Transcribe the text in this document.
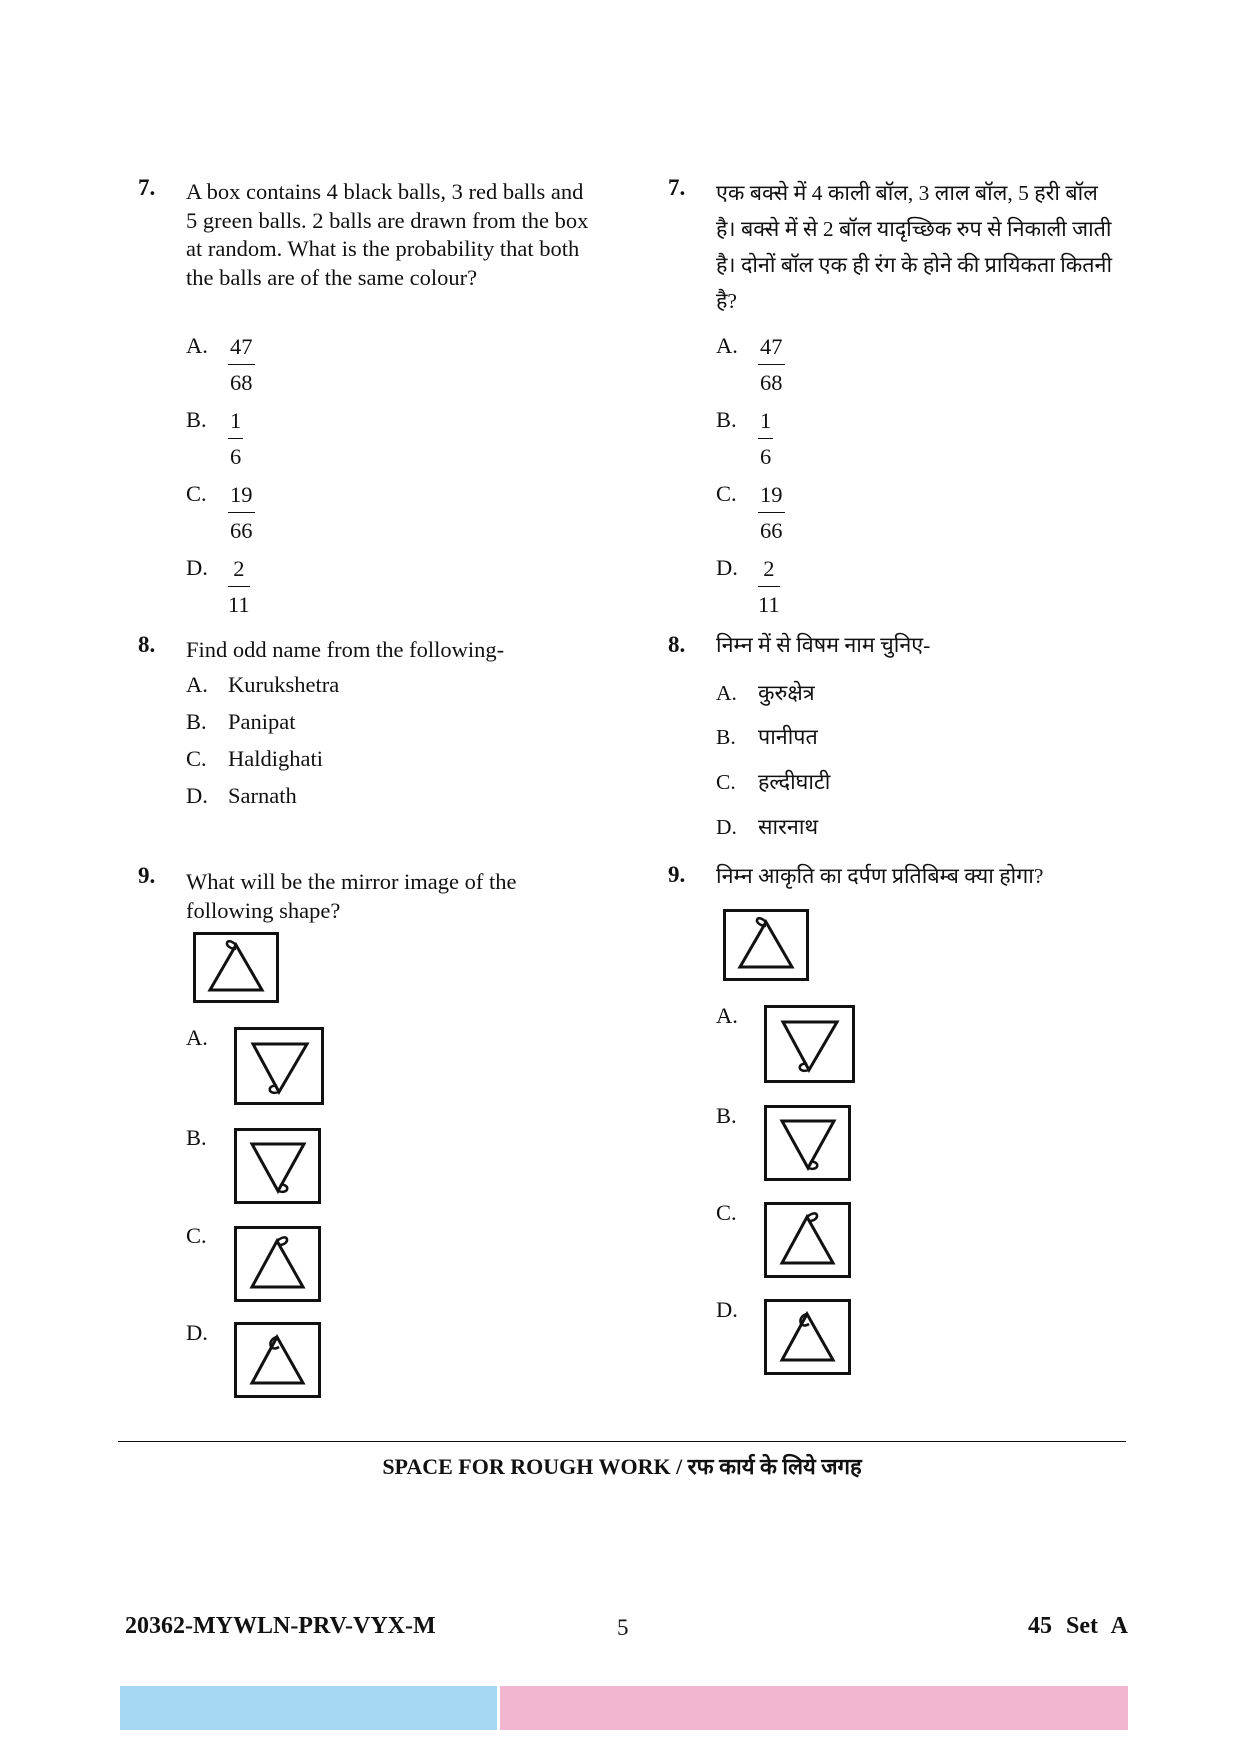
7. A box contains 4 black balls, 3 red balls and 5 green balls. 2 balls are drawn from the box at random. What is the probability that both the balls are of the same colour?
A. $\frac{47}{68}$
B. $\frac{1}{6}$
C. $\frac{19}{66}$
D. $\frac{2}{11}$
8. Find odd name from the following-
A. Kurukshetra
B. Panipat
C. Haldighati
D. Sarnath
9. What will be the mirror image of the following shape?
A.
B.
C.
D.
7. एक बक्से में 4 काली बॉल, 3 लाल बॉल, 5 हरी बॉल है। बक्से में से 2 बॉल यादृच्छिक रुप से निकाली जाती है। दोनों बॉल एक ही रंग के होने की प्रायिकता कितनी है?
A. $\frac{47}{68}$
B. $\frac{1}{6}$
C. $\frac{19}{66}$
D. $\frac{2}{11}$
8. निम्न में से विषम नाम चुनिए-
A. कुरुक्षेत्र
B. पानीपत
C. हल्दीघाटी
D. सारनाथ
9. निम्न आकृति का दर्पण प्रतिबिम्ब क्या होगा?
A.
B.
C.
D.
SPACE FOR ROUGH WORK / रफ कार्य के लिये जगह
20362-MYWLN-PRV-VYX-M	5	45 Set A
